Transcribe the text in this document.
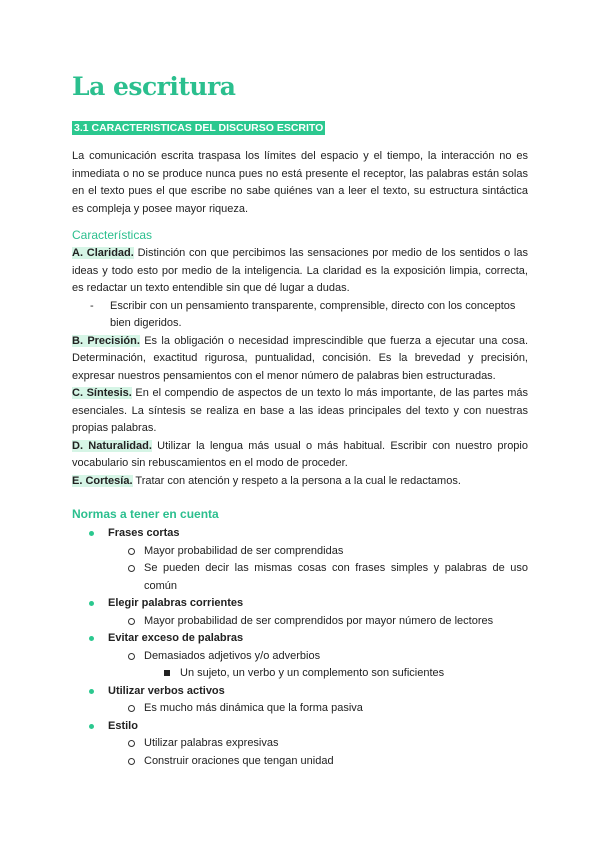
La escritura
3.1 CARACTERISTICAS DEL DISCURSO ESCRITO

La comunicación escrita traspasa los límites del espacio y el tiempo, la interacción no es inmediata o no se produce nunca pues no está presente el receptor, las palabras están solas en el texto pues el que escribe no sabe quiénes van a leer el texto, su estructura sintáctica es compleja y posee mayor riqueza.

Características

A. Claridad. Distinción con que percibimos las sensaciones por medio de los sentidos o las ideas y todo esto por medio de la inteligencia. La claridad es la exposición limpia, correcta, es redactar un texto entendible sin que dé lugar a dudas.

- Escribir con un pensamiento transparente, comprensible, directo con los conceptos bien digeridos.

B. Precisión. Es la obligación o necesidad imprescindible que fuerza a ejecutar una cosa. Determinación, exactitud rigurosa, puntualidad, concisión. Es la brevedad y precisión, expresar nuestros pensamientos con el menor número de palabras bien estructuradas.

C. Síntesis. En el compendio de aspectos de un texto lo más importante, de las partes más esenciales. La síntesis se realiza en base a las ideas principales del texto y con nuestras propias palabras.

D. Naturalidad. Utilizar la lengua más usual o más habitual. Escribir con nuestro propio vocabulario sin rebuscamientos en el modo de proceder.

E. Cortesía. Tratar con atención y respeto a la persona a la cual le redactamos.

Normas a tener en cuenta
Frases cortas
Mayor probabilidad de ser comprendidas
Se pueden decir las mismas cosas con frases simples y palabras de uso común
Elegir palabras corrientes
Mayor probabilidad de ser comprendidos por mayor número de lectores
Evitar exceso de palabras
Demasiados adjetivos y/o adverbios
Un sujeto, un verbo y un complemento son suficientes
Utilizar verbos activos
Es mucho más dinámica que la forma pasiva
Estilo
Utilizar palabras expresivas
Construir oraciones que tengan unidad
